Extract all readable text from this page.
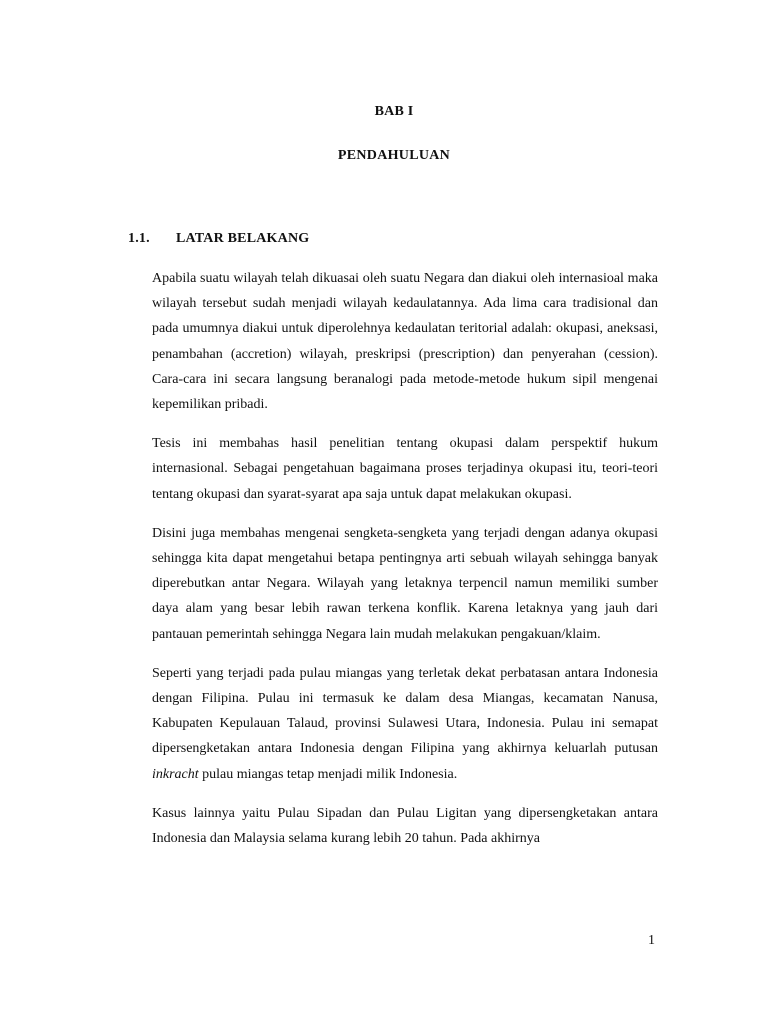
BAB I
PENDAHULUAN
1.1. LATAR BELAKANG

Apabila suatu wilayah telah dikuasai oleh suatu Negara dan diakui oleh internasioal maka wilayah tersebut sudah menjadi wilayah kedaulatannya. Ada lima cara tradisional dan pada umumnya diakui untuk diperolehnya kedaulatan teritorial adalah: okupasi, aneksasi, penambahan (accretion) wilayah, preskripsi (prescription) dan penyerahan (cession). Cara-cara ini secara langsung beranalogi pada metode-metode hukum sipil mengenai kepemilikan pribadi.

Tesis ini membahas hasil penelitian tentang okupasi dalam perspektif hukum internasional. Sebagai pengetahuan bagaimana proses terjadinya okupasi itu, teori-teori tentang okupasi dan syarat-syarat apa saja untuk dapat melakukan okupasi.

Disini juga membahas mengenai sengketa-sengketa yang terjadi dengan adanya okupasi sehingga kita dapat mengetahui betapa pentingnya arti sebuah wilayah sehingga banyak diperebutkan antar Negara. Wilayah yang letaknya terpencil namun memiliki sumber daya alam yang besar lebih rawan terkena konflik. Karena letaknya yang jauh dari pantauan pemerintah sehingga Negara lain mudah melakukan pengakuan/klaim.

Seperti yang terjadi pada pulau miangas yang terletak dekat perbatasan antara Indonesia dengan Filipina. Pulau ini termasuk ke dalam desa Miangas, kecamatan Nanusa, Kabupaten Kepulauan Talaud, provinsi Sulawesi Utara, Indonesia. Pulau ini semapat dipersengketakan antara Indonesia dengan Filipina yang akhirnya keluarlah putusan inkracht pulau miangas tetap menjadi milik Indonesia.

Kasus lainnya yaitu Pulau Sipadan dan Pulau Ligitan yang dipersengketakan antara Indonesia dan Malaysia selama kurang lebih 20 tahun. Pada akhirnya

1
